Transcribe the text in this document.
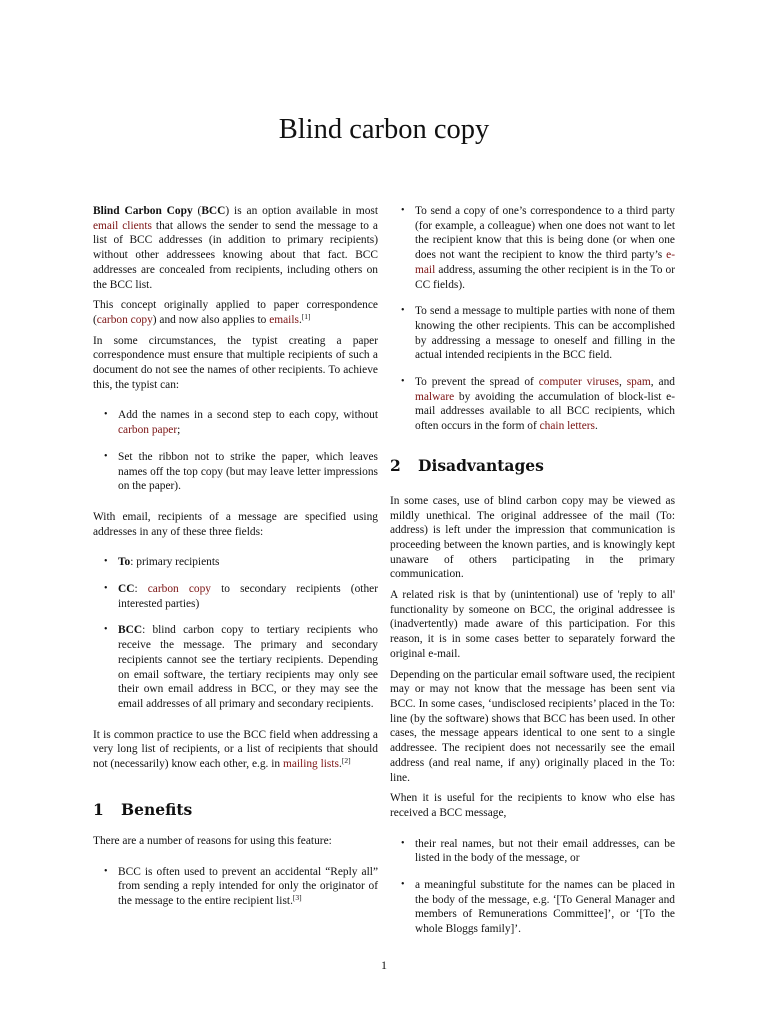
Blind carbon copy

Blind Carbon Copy (BCC) is an option available in most email clients that allows the sender to send the message to a list of BCC addresses (in addition to primary recipients) without other addressees knowing about that fact. BCC addresses are concealed from recipients, including others on the BCC list.

This concept originally applied to paper correspondence (carbon copy) and now also applies to emails.[1]

In some circumstances, the typist creating a paper correspondence must ensure that multiple recipients of such a document do not see the names of other recipients. To achieve this, the typist can:

• Add the names in a second step to each copy, without carbon paper;
• Set the ribbon not to strike the paper, which leaves names off the top copy (but may leave letter impressions on the paper).

With email, recipients of a message are specified using addresses in any of these three fields:

• To: primary recipients
• CC: carbon copy to secondary recipients (other interested parties)
• BCC: blind carbon copy to tertiary recipients who receive the message. The primary and secondary recipients cannot see the tertiary recipients. Depending on email software, the tertiary recipients may only see their own email address in BCC, or they may see the email addresses of all primary and secondary recipients.

It is common practice to use the BCC field when addressing a very long list of recipients, or a list of recipients that should not (necessarily) know each other, e.g. in mailing lists.[2]

1 Benefits

There are a number of reasons for using this feature:

• BCC is often used to prevent an accidental “Reply all” from sending a reply intended for only the originator of the message to the entire recipient list.[3]
• To send a copy of one’s correspondence to a third party (for example, a colleague) when one does not want to let the recipient know that this is being done (or when one does not want the recipient to know the third party’s e-mail address, assuming the other recipient is in the To or CC fields).
• To send a message to multiple parties with none of them knowing the other recipients. This can be accomplished by addressing a message to oneself and filling in the actual intended recipients in the BCC field.
• To prevent the spread of computer viruses, spam, and malware by avoiding the accumulation of block-list e-mail addresses available to all BCC recipients, which often occurs in the form of chain letters.
2 Disadvantages

In some cases, use of blind carbon copy may be viewed as mildly unethical. The original addressee of the mail (To: address) is left under the impression that communication is proceeding between the known parties, and is knowingly kept unaware of others participating in the primary communication.

A related risk is that by (unintentional) use of 'reply to all' functionality by someone on BCC, the original addressee is (inadvertently) made aware of this participation. For this reason, it is in some cases better to separately forward the original e-mail.

Depending on the particular email software used, the recipient may or may not know that the message has been sent via BCC. In some cases, ‘undisclosed recipients’ placed in the To: line (by the software) shows that BCC has been used. In other cases, the message appears identical to one sent to a single addressee. The recipient does not necessarily see the email address (and real name, if any) originally placed in the To: line.

When it is useful for the recipients to know who else has received a BCC message,

• their real names, but not their email addresses, can be listed in the body of the message, or
• a meaningful substitute for the names can be placed in the body of the message, e.g. ‘[To General Manager and members of Remunerations Committee]’, or ‘[To the whole Bloggs family]’.
1
